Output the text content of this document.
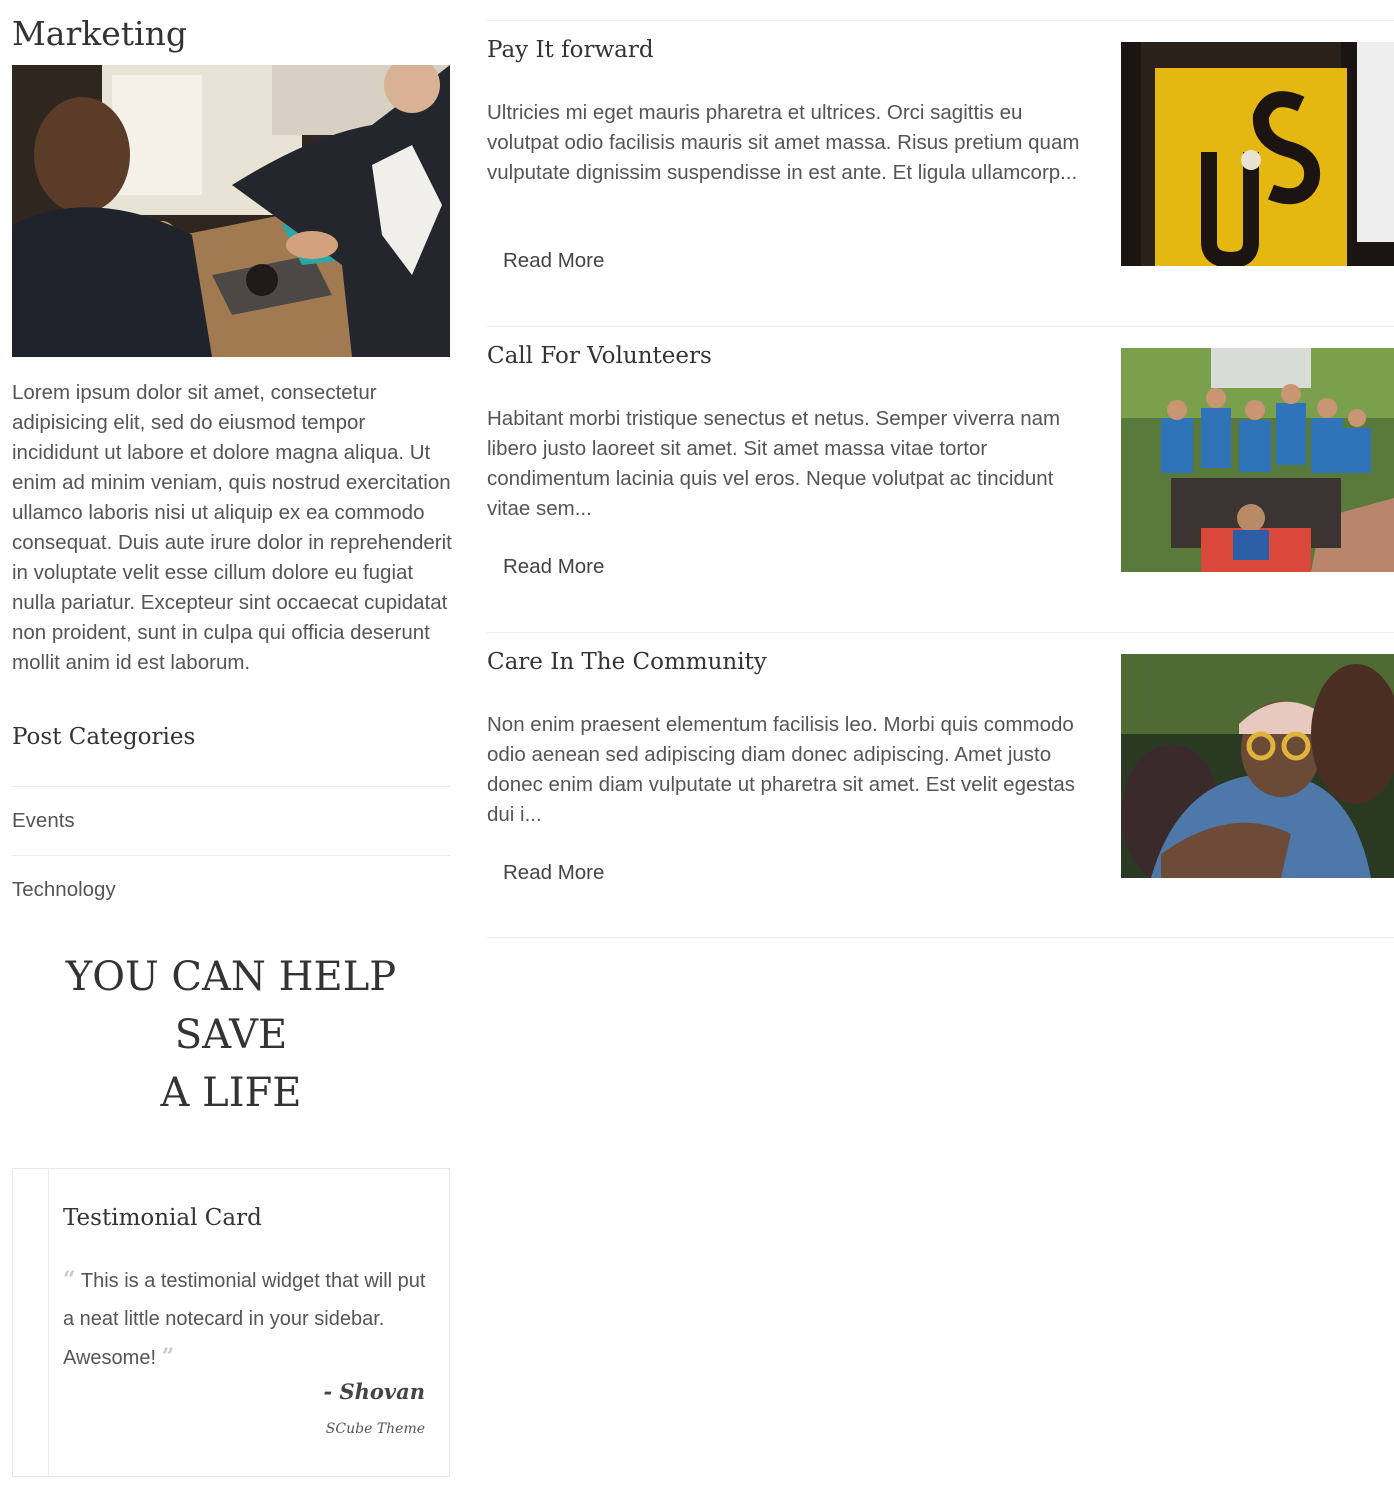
Marketing

Lorem ipsum dolor sit amet, consectetur adipisicing elit, sed do eiusmod tempor incididunt ut labore et dolore magna aliqua. Ut enim ad minim veniam, quis nostrud exercitation ullamco laboris nisi ut aliquip ex ea commodo consequat. Duis aute irure dolor in reprehenderit in voluptate velit esse cillum dolore eu fugiat nulla pariatur. Excepteur sint occaecat cupidatat non proident, sunt in culpa qui officia deserunt mollit anim id est laborum.

Post Categories
Events
Technology
YOU CAN HELP
SAVE
A LIFE
Testimonial Card

“ This is a testimonial widget that will put a neat little notecard in your sidebar. Awesome! ”

- Shovan
SCube Theme
Pay It forward

Ultricies mi eget mauris pharetra et ultrices. Orci sagittis eu volutpat odio facilisis mauris sit amet massa. Risus pretium quam vulputate dignissim suspendisse in est ante. Et ligula ullamcorp...

Read More
Call For Volunteers

Habitant morbi tristique senectus et netus. Semper viverra nam libero justo laoreet sit amet. Sit amet massa vitae tortor condimentum lacinia quis vel eros. Neque volutpat ac tincidunt vitae sem...

Read More
Care In The Community

Non enim praesent elementum facilisis leo. Morbi quis commodo odio aenean sed adipiscing diam donec adipiscing. Amet justo donec enim diam vulputate ut pharetra sit amet. Est velit egestas dui i...

Read More
